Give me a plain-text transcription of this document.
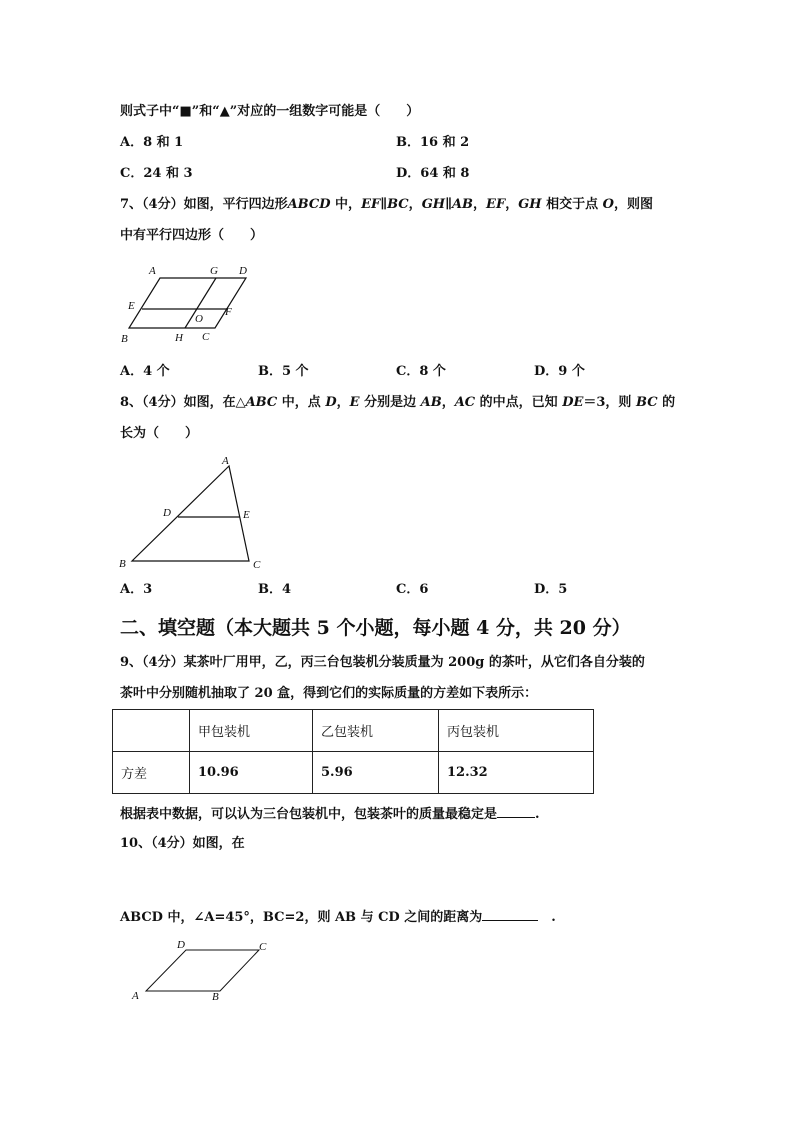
则式子中“■”和“▲”对应的一组数字可能是（　　）
A．8 和 1	B．16 和 2
C．24 和 3	D．64 和 8
7、（4分）如图，平行四边形ABCD 中，EF∥BC，GH∥AB，EF，GH 相交于点 O，则图
中有平行四边形（　　）
A	G D
E
O
F
B	H C
A．4 个	B．5 个	C．8 个	D．9 个
8、（4分）如图，在△ABC 中，点 D，E 分别是边 AB，AC 的中点，已知 DE＝3，则 BC 的
长为（　　）
A
D	E
B	C
A．3	B．4	C．6	D．5
二、填空题（本大题共 5 个小题，每小题 4 分，共 20 分）
9、（4分）某茶叶厂用甲，乙，丙三台包装机分装质量为 200g 的茶叶，从它们各自分装的
茶叶中分别随机抽取了 20 盒，得到它们的实际质量的方差如下表所示：
	甲包装机	乙包装机	丙包装机
方差	10.96	5.96	12.32
根据表中数据，可以认为三台包装机中，包装茶叶的质量最稳定是	.
10、（4分）如图，在
ABCD 中，∠A=45°，BC=2，则 AB 与 CD 之间的距离为	　.
D	C
A	B
